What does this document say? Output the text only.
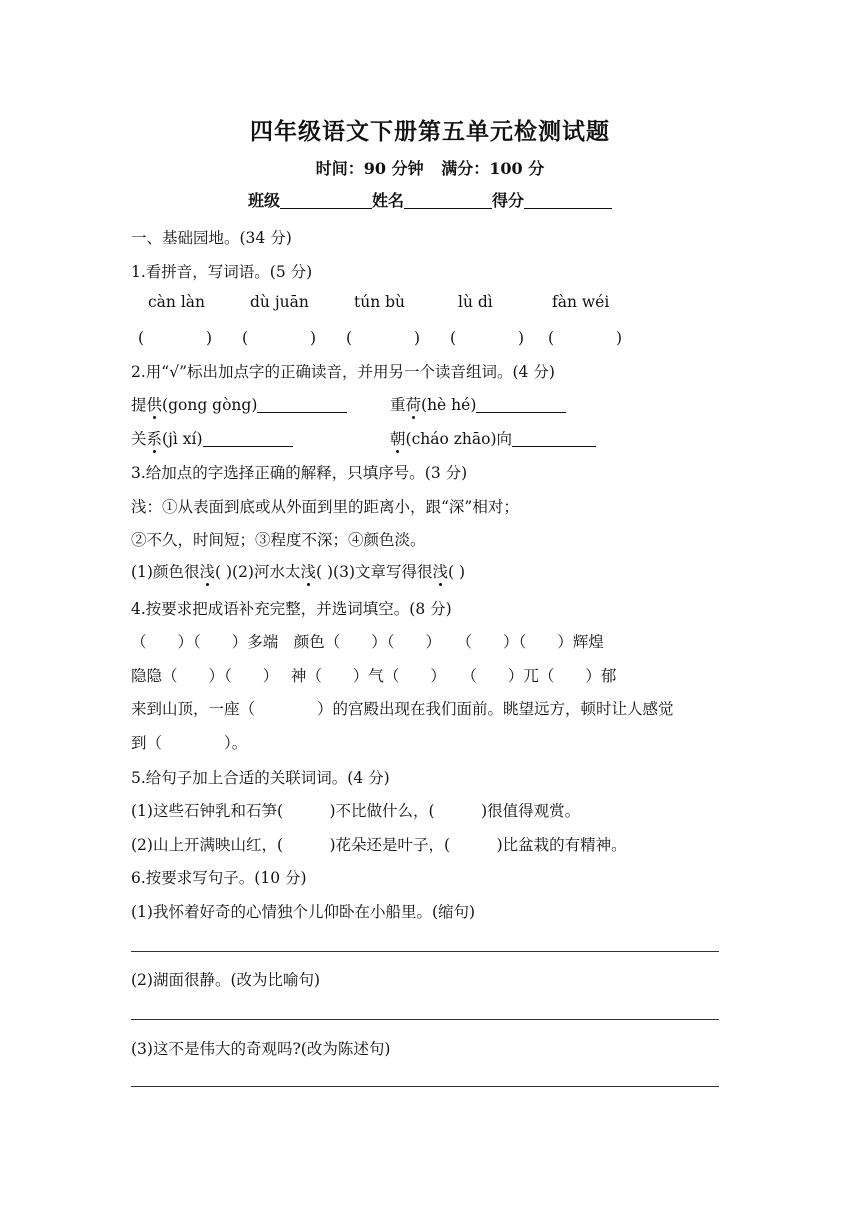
四年级语文下册第五单元检测试题
时间：90 分钟 满分：100 分
班级	姓名	得分
一、基础园地。(34 分)
1.看拼音，写词语。(5 分)
càn làn	dù juān	tún bù	lù dì	fàn wéi
(　　　　) (　　　　) (　　　　) (　　　　) (　　　　)
2.用“√”标出加点字的正确读音，并用另一个读音组词。(4 分)
提供(gong gòng)	重荷(hè hé)
关系(jì xí)	朝(cháo zhāo)向
3.给加点的字选择正确的解释，只填序号。(3 分)
浅：①从表面到底或从外面到里的距离小，跟“深”相对；
②不久，时间短；③程度不深；④颜色淡。
(1)颜色很浅( )(2)河水太浅( )(3)文章写得很浅( )
4.按要求把成语补充完整，并选词填空。(8 分)
（　　）（　　）多端　颜色（　　）（　　）　　（　　）（　　）辉煌
隐隐（　　）（　　）　 神（　　）气（　　）　　（　　）兀（　　）郁
来到山顶，一座（　　　　）的宫殿出现在我们面前。眺望远方，顿时让人感觉
到（　　　　）。
5.给句子加上合适的关联词词。(4 分)
(1)这些石钟乳和石笋(　　　)不比做什么，(　　　)很值得观赏。
(2)山上开满映山红，(　　　)花朵还是叶子，(　　　)比盆栽的有精神。
6.按要求写句子。(10 分)
(1)我怀着好奇的心情独个儿仰卧在小船里。(缩句)
(2)湖面很静。(改为比喻句)
(3)这不是伟大的奇观吗?(改为陈述句)
